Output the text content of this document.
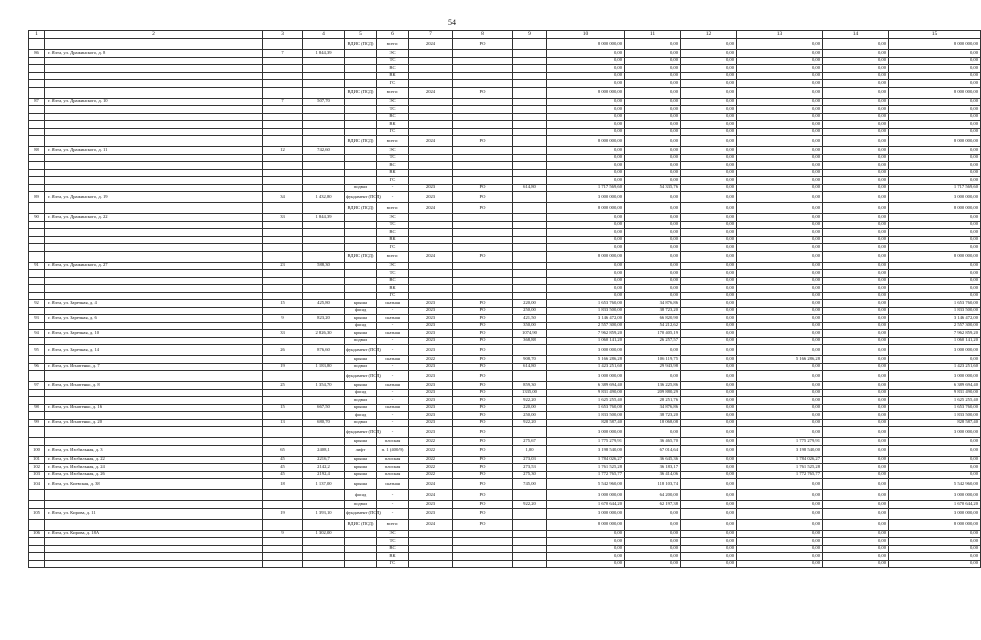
54
1	2	3	4	5	6	7	8	9	10	11	12	13	14	15
				ВДИС (ПСД)	всего:	2024	РО		8 000 000,00	0,00	0,00	0,00	0,00	8 000 000,00
86	г. Ялта, ул. Дражинского, д. 8	7	1 844,39		ЭС				0,00	0,00	0,00	0,00	0,00	0,00
					ТС				0,00	0,00	0,00	0,00	0,00	0,00
					ВС				0,00	0,00	0,00	0,00	0,00	0,00
					ВК				0,00	0,00	0,00	0,00	0,00	0,00
					ГС				0,00	0,00	0,00	0,00	0,00	0,00
				ВДИС (ПСД)	всего:	2024	РО		8 000 000,00	0,00	0,00	0,00	0,00	8 000 000,00
87	г. Ялта, ул. Дражинского, д. 10	7	507,70		ЭС				0,00	0,00	0,00	0,00	0,00	0,00
					ТС				0,00	0,00	0,00	0,00	0,00	0,00
					ВС				0,00	0,00	0,00	0,00	0,00	0,00
					ВК				0,00	0,00	0,00	0,00	0,00	0,00
					ГС				0,00	0,00	0,00	0,00	0,00	0,00
				ВДИС (ПСД)	всего:	2024	РО		8 000 000,00	0,00	0,00	0,00	0,00	8 000 000,00
88	г. Ялта, ул. Дражинского, д. 11	12	742,60		ЭС				0,00	0,00	0,00	0,00	0,00	0,00
					ТС				0,00	0,00	0,00	0,00	0,00	0,00
					ВС				0,00	0,00	0,00	0,00	0,00	0,00
					ВК				0,00	0,00	0,00	0,00	0,00	0,00
					ГС				0,00	0,00	0,00	0,00	0,00	0,00
				подвал	-	2023	РО	614,80	1 717 569,60	54 335,76	0,00	0,00	0,00	1 717 569,60
89	г. Ялта, ул. Дражинского, д. 19	34	1 432,80	фундамент (ПСД)	-	2023	РО		3 000 000,00	0,00	0,00	0,00	0,00	3 000 000,00
				ВДИС (ПСД)	всего:	2024	РО		8 000 000,00	0,00	0,00	0,00	0,00	8 000 000,00
90	г. Ялта, ул. Дражинского, д. 22	33	1 844,39		ЭС				0,00	0,00	0,00	0,00	0,00	0,00
					ТС				0,00	0,00	0,00	0,00	0,00	0,00
					ВС				0,00	0,00	0,00	0,00	0,00	0,00
					ВК				0,00	0,00	0,00	0,00	0,00	0,00
					ГС				0,00	0,00	0,00	0,00	0,00	0,00
				ВДИС (ПСД)	всего:	2024	РО		8 000 000,00	0,00	0,00	0,00	0,00	8 000 000,00
91	г. Ялта, ул. Дражинского, д. 27	23	588,30		ЭС				0,00	0,00	0,00	0,00	0,00	0,00
					ТС				0,00	0,00	0,00	0,00	0,00	0,00
					ВС				0,00	0,00	0,00	0,00	0,00	0,00
					ВК				0,00	0,00	0,00	0,00	0,00	0,00
					ГС				0,00	0,00	0,00	0,00	0,00	0,00
92	г. Ялта, ул. Заречная, д. 4	15	425,80	крыша	скатная	2023	РО	220,00	1 653 760,00	34 876,86	0,00	0,00	0,00	1 653 760,00
				фасад	-	2023	РО	250,00	1 833 500,00	38 723,20	0,00	0,00	0,00	1 833 500,00
93	г. Ялта, ул. Заречная, д. 6	9	823,20	крыша	скатная	2023	РО	421,50	3 146 472,00	66 820,90	0,00	0,00	0,00	3 146 472,00
				фасад	-	2023	РО	350,00	2 557 300,00	54 212,62	0,00	0,00	0,00	2 557 300,00
94	г. Ялта, ул. Заречная, д. 10	33	2 826,30	крыша	скатная	2023	РО	1074,90	7 962 859,20	170 405,19	0,00	0,00	0,00	7 962 859,20
				подвал	-	2023	РО	368,88	1 060 141,20	26 257,57	0,00	0,00	0,00	1 060 141,20
95	г. Ялта, ул. Заречная, д. 14	26	876,60	фундамент (ПСД)	-	2023	РО		3 000 000,00	0,00	0,00	0,00	0,00	3 000 000,00
				крыша	скатная	2022	РО	908,70	5 166 286,28	106 119,75	0,00	5 166 286,28	0,00	0,00
96	г. Ялта, ул. Игнатенко, д. 7	19	1 183,80	подвал	-	2023	РО	614,80	1 423 251,60	29 943,98	0,00	0,00	0,00	1 423 251,60
				фундамент (ПСД)	-	2023	РО		3 000 000,00	0,00	0,00	0,00	0,00	3 000 000,00
97	г. Ялта, ул. Игнатенко, д. 8	25	1 354,70	крыша	скатная	2023	РО	859,30	6 389 694,40	136 225,86	0,00	0,00	0,00	6 389 694,40
				фасад	-	2023	РО	1335,00	9 831 490,00	209 880,29	0,00	0,00	0,00	9 831 490,00
				подвал	-	2023	РО	922,20	1 625 255,40	28 251,76	0,00	0,00	0,00	1 625 255,40
98	г. Ялта, ул. Игнатенко, д. 16	15	667,50	крыша	скатная	2023	РО	220,00	1 653 760,00	34 876,86	0,00	0,00	0,00	1 653 760,00
				фасад	-	2023	РО	250,00	1 833 500,00	38 723,20	0,00	0,00	0,00	1 833 500,00
99	г. Ялта, ул. Игнатенко, д. 20	13	680,70	подвал	-	2023	РО	922,20	828 587,40	18 068,08	0,00	0,00	0,00	828 587,40
				фундамент (ПСД)	-	2023	РО		3 000 000,00	0,00	0,00	0,00	0,00	3 000 000,00
				крыша	плоская	2022	РО	275,67	1 775 279,91	36 465,70	0,00	1 775 279,91	0,00	0,00
100	г. Ялта, ул. Изобильная, д. 3	65	2408,1	лифт	п. 1 (400/9)	2022	РО	1,00	3 198 540,00	67 014,64	0,00	3 198 540,00	0,00	0,00
101	г. Ялта, ул. Изобильная, д. 22	45	2216,7	крыша	плоская	2022	РО	273,03	1 784 026,27	36 645,36	0,00	1 784 026,27	0,00	0,00
102	г. Ялта, ул. Изобильная, д. 24	45	2142,2	крыша	плоская	2022	РО	273,53	1 761 525,28	36 183,17	0,00	1 761 525,28	0,00	0,00
103	г. Ялта, ул. Изобильная, д. 26	45	2192,4	крыша	плоская	2022	РО	275,30	1 772 765,77	36 414,06	0,00	1 772 765,77	0,00	0,00
104	г. Ялта, ул. Киевская, д. 38	18	1 137,00	крыша	скатная	2024	РО	745,00	5 542 960,00	118 103,74	0,00	0,00	0,00	5 542 960,00
				фасад	-	2024	РО		3 000 000,00	64 200,00	0,00	0,00	0,00	3 000 000,00
				подвал	-	2023	РО	922,20	1 670 644,20	62 197,38	0,00	0,00	0,00	1 670 644,20
105	г. Ялта, ул. Кирова, д. 11	19	1 393,10	фундамент (ПСД)	-	2023	РО		3 000 000,00	0,00	0,00	0,00	0,00	3 000 000,00
				ВДИС (ПСД)	всего:	2024	РО		8 000 000,00	0,00	0,00	0,00	0,00	8 000 000,00
106	г. Ялта, ул. Кирова, д. 18А	9	1 302,00		ЭС				0,00	0,00	0,00	0,00	0,00	0,00
					ТС				0,00	0,00	0,00	0,00	0,00	0,00
					ВС				0,00	0,00	0,00	0,00	0,00	0,00
					ВК				0,00	0,00	0,00	0,00	0,00	0,00
					ГС				0,00	0,00	0,00	0,00	0,00	0,00
